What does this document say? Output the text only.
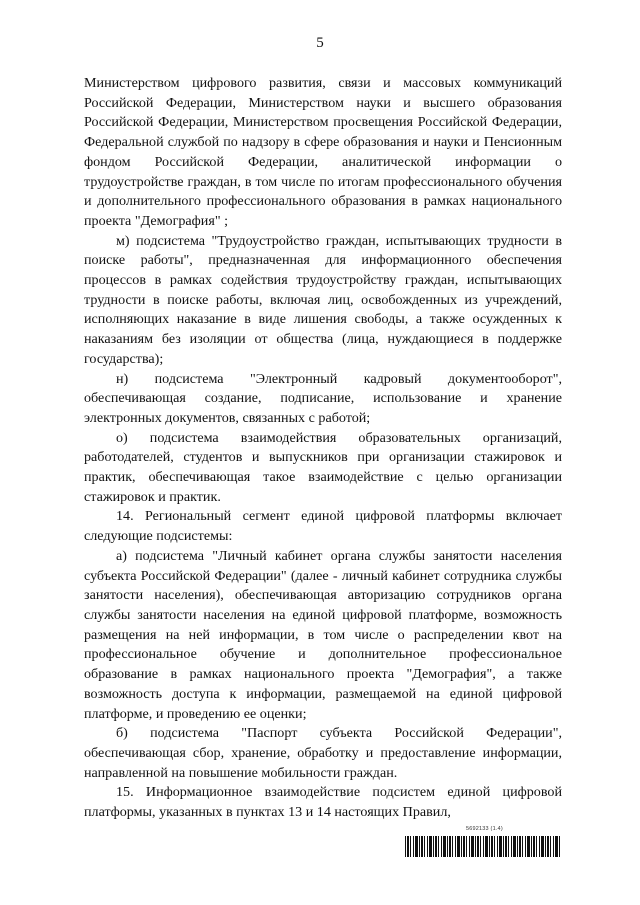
5

Министерством цифрового развития, связи и массовых коммуникаций Российской Федерации, Министерством науки и высшего образования Российской Федерации, Министерством просвещения Российской Федерации, Федеральной службой по надзору в сфере образования и науки и Пенсионным фондом Российской Федерации, аналитической информации о трудоустройстве граждан, в том числе по итогам профессионального обучения и дополнительного профессионального образования в рамках национального проекта "Демография" ;

м) подсистема "Трудоустройство граждан, испытывающих трудности в поиске работы", предназначенная для информационного обеспечения процессов в рамках содействия трудоустройству граждан, испытывающих трудности в поиске работы, включая лиц, освобожденных из учреждений, исполняющих наказание в виде лишения свободы, а также осужденных к наказаниям без изоляции от общества (лица, нуждающиеся в поддержке государства);

н) подсистема "Электронный кадровый документооборот", обеспечивающая создание, подписание, использование и хранение электронных документов, связанных с работой;

о) подсистема взаимодействия образовательных организаций, работодателей, студентов и выпускников при организации стажировок и практик, обеспечивающая такое взаимодействие с целью организации стажировок и практик.

14. Региональный сегмент единой цифровой платформы включает следующие подсистемы:

а) подсистема "Личный кабинет органа службы занятости населения субъекта Российской Федерации" (далее - личный кабинет сотрудника службы занятости населения), обеспечивающая авторизацию сотрудников органа службы занятости населения на единой цифровой платформе, возможность размещения на ней информации, в том числе о распределении квот на профессиональное обучение и дополнительное профессиональное образование в рамках национального проекта "Демография", а также возможность доступа к информации, размещаемой на единой цифровой платформе, и проведению ее оценки;

б) подсистема "Паспорт субъекта Российской Федерации", обеспечивающая сбор, хранение, обработку и предоставление информации, направленной на повышение мобильности граждан.

15. Информационное взаимодействие подсистем единой цифровой платформы, указанных в пунктах 13 и 14 настоящих Правил,

5692133 (1.4)
